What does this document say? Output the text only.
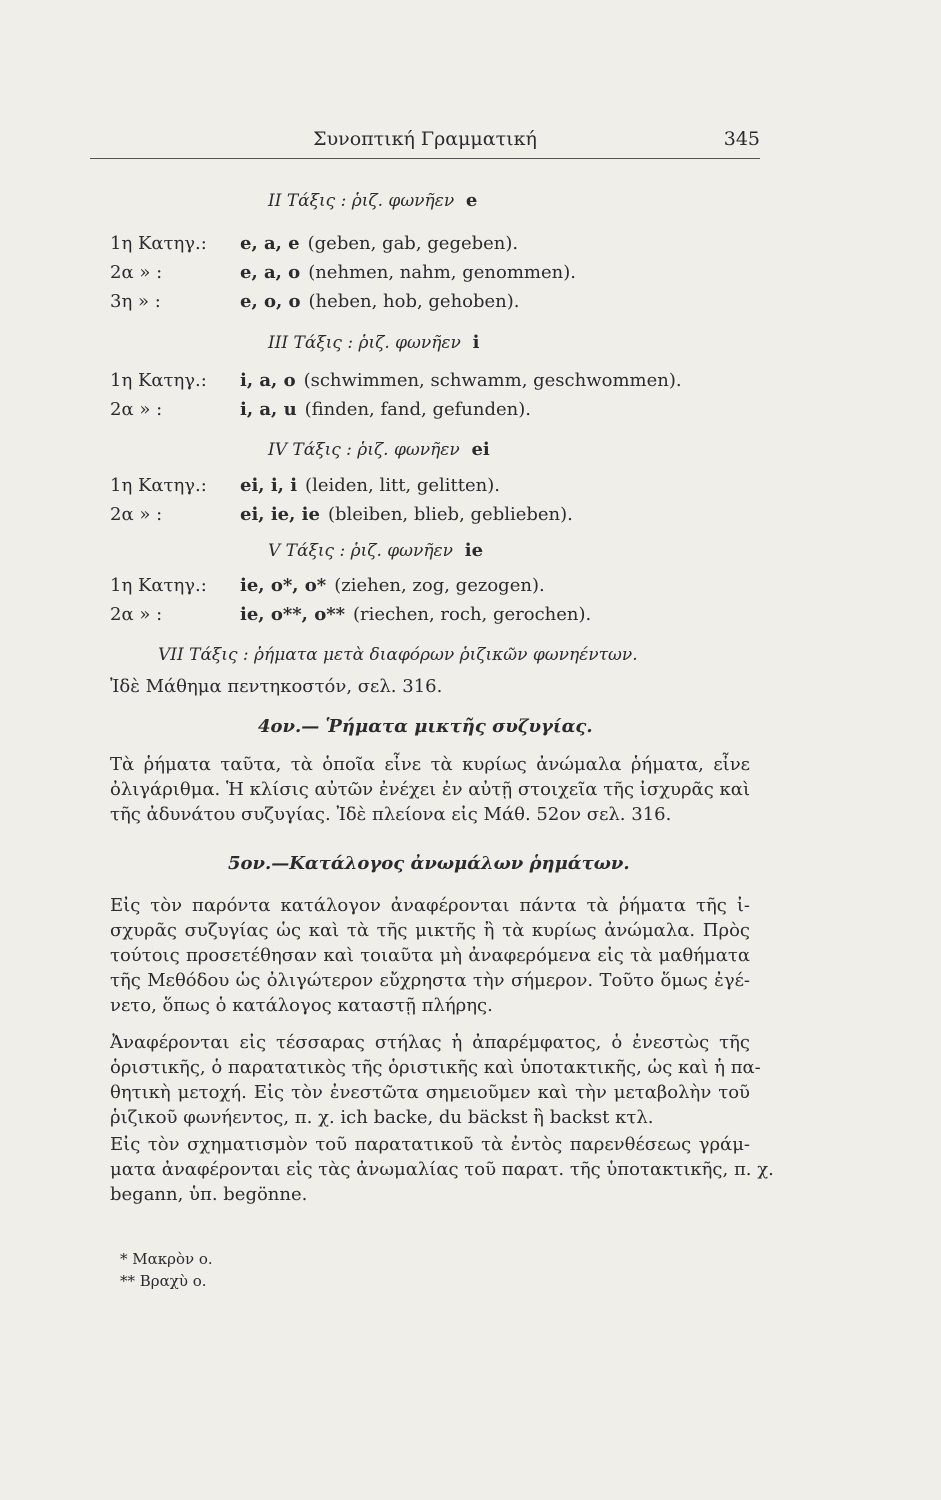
Συνοπτική Γραμματική	345
ΙΙ Τάξις : ῥιζ. φωνῆεν e
1η Κατηγ.: e, a, e (geben, gab, gegeben).
2α » :	e, a, o (nehmen, nahm, genommen).
3η » :	e, o, o (heben, hob, gehoben).
ΙΙΙ Τάξις : ῥιζ. φωνῆεν i
1η Κατηγ.: i, a, o (schwimmen, schwamm, geschwommen).
2α » :	i, a, u (finden, fand, gefunden).
IV Τάξις : ῥιζ. φωνῆεν ei
1η Κατηγ.: ei, i, i (leiden, litt, gelitten).
2α » :	ei, ie, ie (bleiben, blieb, geblieben).
V Τάξις : ῥιζ. φωνῆεν ie
1η Κατηγ.: ie, o*, o* (ziehen, zog, gezogen).
2α » :	ie, o**, o** (riechen, roch, gerochen).
VII Τάξις : ῥήματα μετὰ διαφόρων ῥιζικῶν φωνηέντων.
Ἰδὲ Μάθημα πεντηκοστόν, σελ. 316.
4ον.— Ῥήματα μικτῆς συζυγίας.
Τὰ ῥήματα ταῦτα, τὰ ὁποῖα εἶνε τὰ κυρίως ἀνώμαλα ῥήματα, εἶνε
ὀλιγάριθμα. Ἡ κλίσις αὐτῶν ἐνέχει ἐν αὐτῇ στοιχεῖα τῆς ἰσχυρᾶς καὶ
τῆς ἀδυνάτου συζυγίας. Ἰδὲ πλείονα εἰς Μάθ. 52ον σελ. 316.
5ον.—Κατάλογος ἀνωμάλων ῥημάτων.
Εἰς τὸν παρόντα κατάλογον ἀναφέρονται πάντα τὰ ῥήματα τῆς ἰ-
σχυρᾶς συζυγίας ὡς καὶ τὰ τῆς μικτῆς ἢ τὰ κυρίως ἀνώμαλα. Πρὸς
τούτοις προσετέθησαν καὶ τοιαῦτα μὴ ἀναφερόμενα εἰς τὰ μαθήματα
τῆς Μεθόδου ὡς ὀλιγώτερον εὔχρηστα τὴν σήμερον. Τοῦτο ὅμως ἐγέ-
νετο, ὅπως ὁ κατάλογος καταστῇ πλήρης.
Ἀναφέρονται εἰς τέσσαρας στήλας ἡ ἀπαρέμφατος, ὁ ἐνεστὼς τῆς
ὁριστικῆς, ὁ παρατατικὸς τῆς ὁριστικῆς καὶ ὑποτακτικῆς, ὡς καὶ ἡ πα-
θητικὴ μετοχή. Εἰς τὸν ἐνεστῶτα σημειοῦμεν καὶ τὴν μεταβολὴν τοῦ
ῥιζικοῦ φωνήεντος, π. χ. ich backe, du bäckst ἢ backst κτλ.
Εἰς τὸν σχηματισμὸν τοῦ παρατατικοῦ τὰ ἐντὸς παρενθέσεως γράμ-
ματα ἀναφέρονται εἰς τὰς ἀνωμαλίας τοῦ παρατ. τῆς ὑποτακτικῆς, π. χ.
begann, ὑπ. begönne.
* Μακρὸν ο.
** Βραχὺ ο.
